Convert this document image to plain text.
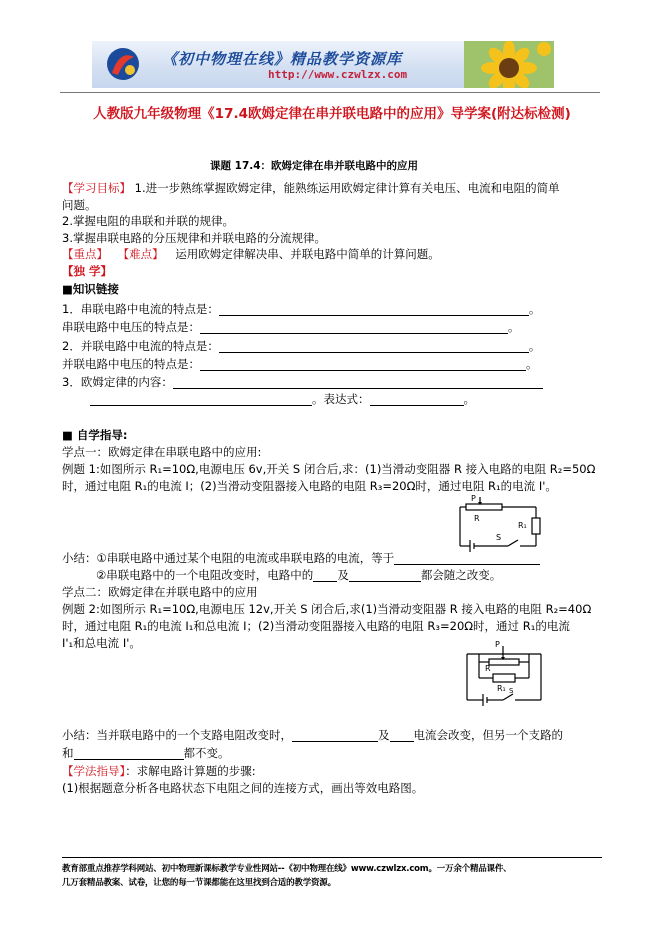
《初中物理在线》精品教学资源库
http://www.czwlzx.com
人教版九年级物理《17.4欧姆定律在串并联电路中的应用》导学案(附达标检测)
课题 17.4：欧姆定律在串并联电路中的应用
【学习目标】 1.进一步熟练掌握欧姆定律，能熟练运用欧姆定律计算有关电压、电流和电阻的简单
问题。
2.掌握电阻的串联和并联的规律。
3.掌握串联电路的分压规律和并联电路的分流规律。
【重点】 【难点】 运用欧姆定律解决串、并联电路中简单的计算问题。
【独 学】
■知识链接
1．串联电路中电流的特点是：	。
串联电路中电压的特点是：	。
2．并联电路中电流的特点是：	。
并联电路中电压的特点是：	。
3．欧姆定律的内容：
。表达式：	。
■ 自学指导:
学点一：欧姆定律在串联电路中的应用:
例题 1:如图所示 R₁=10Ω,电源电压 6v,开关 S 闭合后,求：(1)当滑动变阻器 R 接入电路的电阻 R₂=50Ω
时，通过电阻 R₁的电流 I；(2)当滑动变阻器接入电路的电阻 R₃=20Ω时，通过电阻 R₁的电流 I'。
P
R
R₁
S
小结：①串联电路中通过某个电阻的电流或串联电路的电流，等于
②串联电路中的一个电阻改变时，电路中的 及	都会随之改变。
学点二：欧姆定律在并联电路中的应用
例题 2:如图所示 R₁=10Ω,电源电压 12v,开关 S 闭合后,求(1)当滑动变阻器 R 接入电路的电阻 R₂=40Ω
时，通过电阻 R₁的电流 I₁和总电流 I；(2)当滑动变阻器接入电路的电阻 R₃=20Ω时，通过 R₁的电流
I'₁和总电流 I'。	P
R
R₁ S
小结：当并联电路中的一个支路电阻改变时，	及 电流会改变，但另一个支路的
和	都不变。
【学法指导】：求解电路计算题的步骤:
(1)根据题意分析各电路状态下电阻之间的连接方式，画出等效电路图。
教育部重点推荐学科网站、初中物理新课标教学专业性网站--《初中物理在线》www.czwlzx.com。一万余个精品课件、
几万套精品教案、试卷，让您的每一节课都能在这里找到合适的教学资源。
